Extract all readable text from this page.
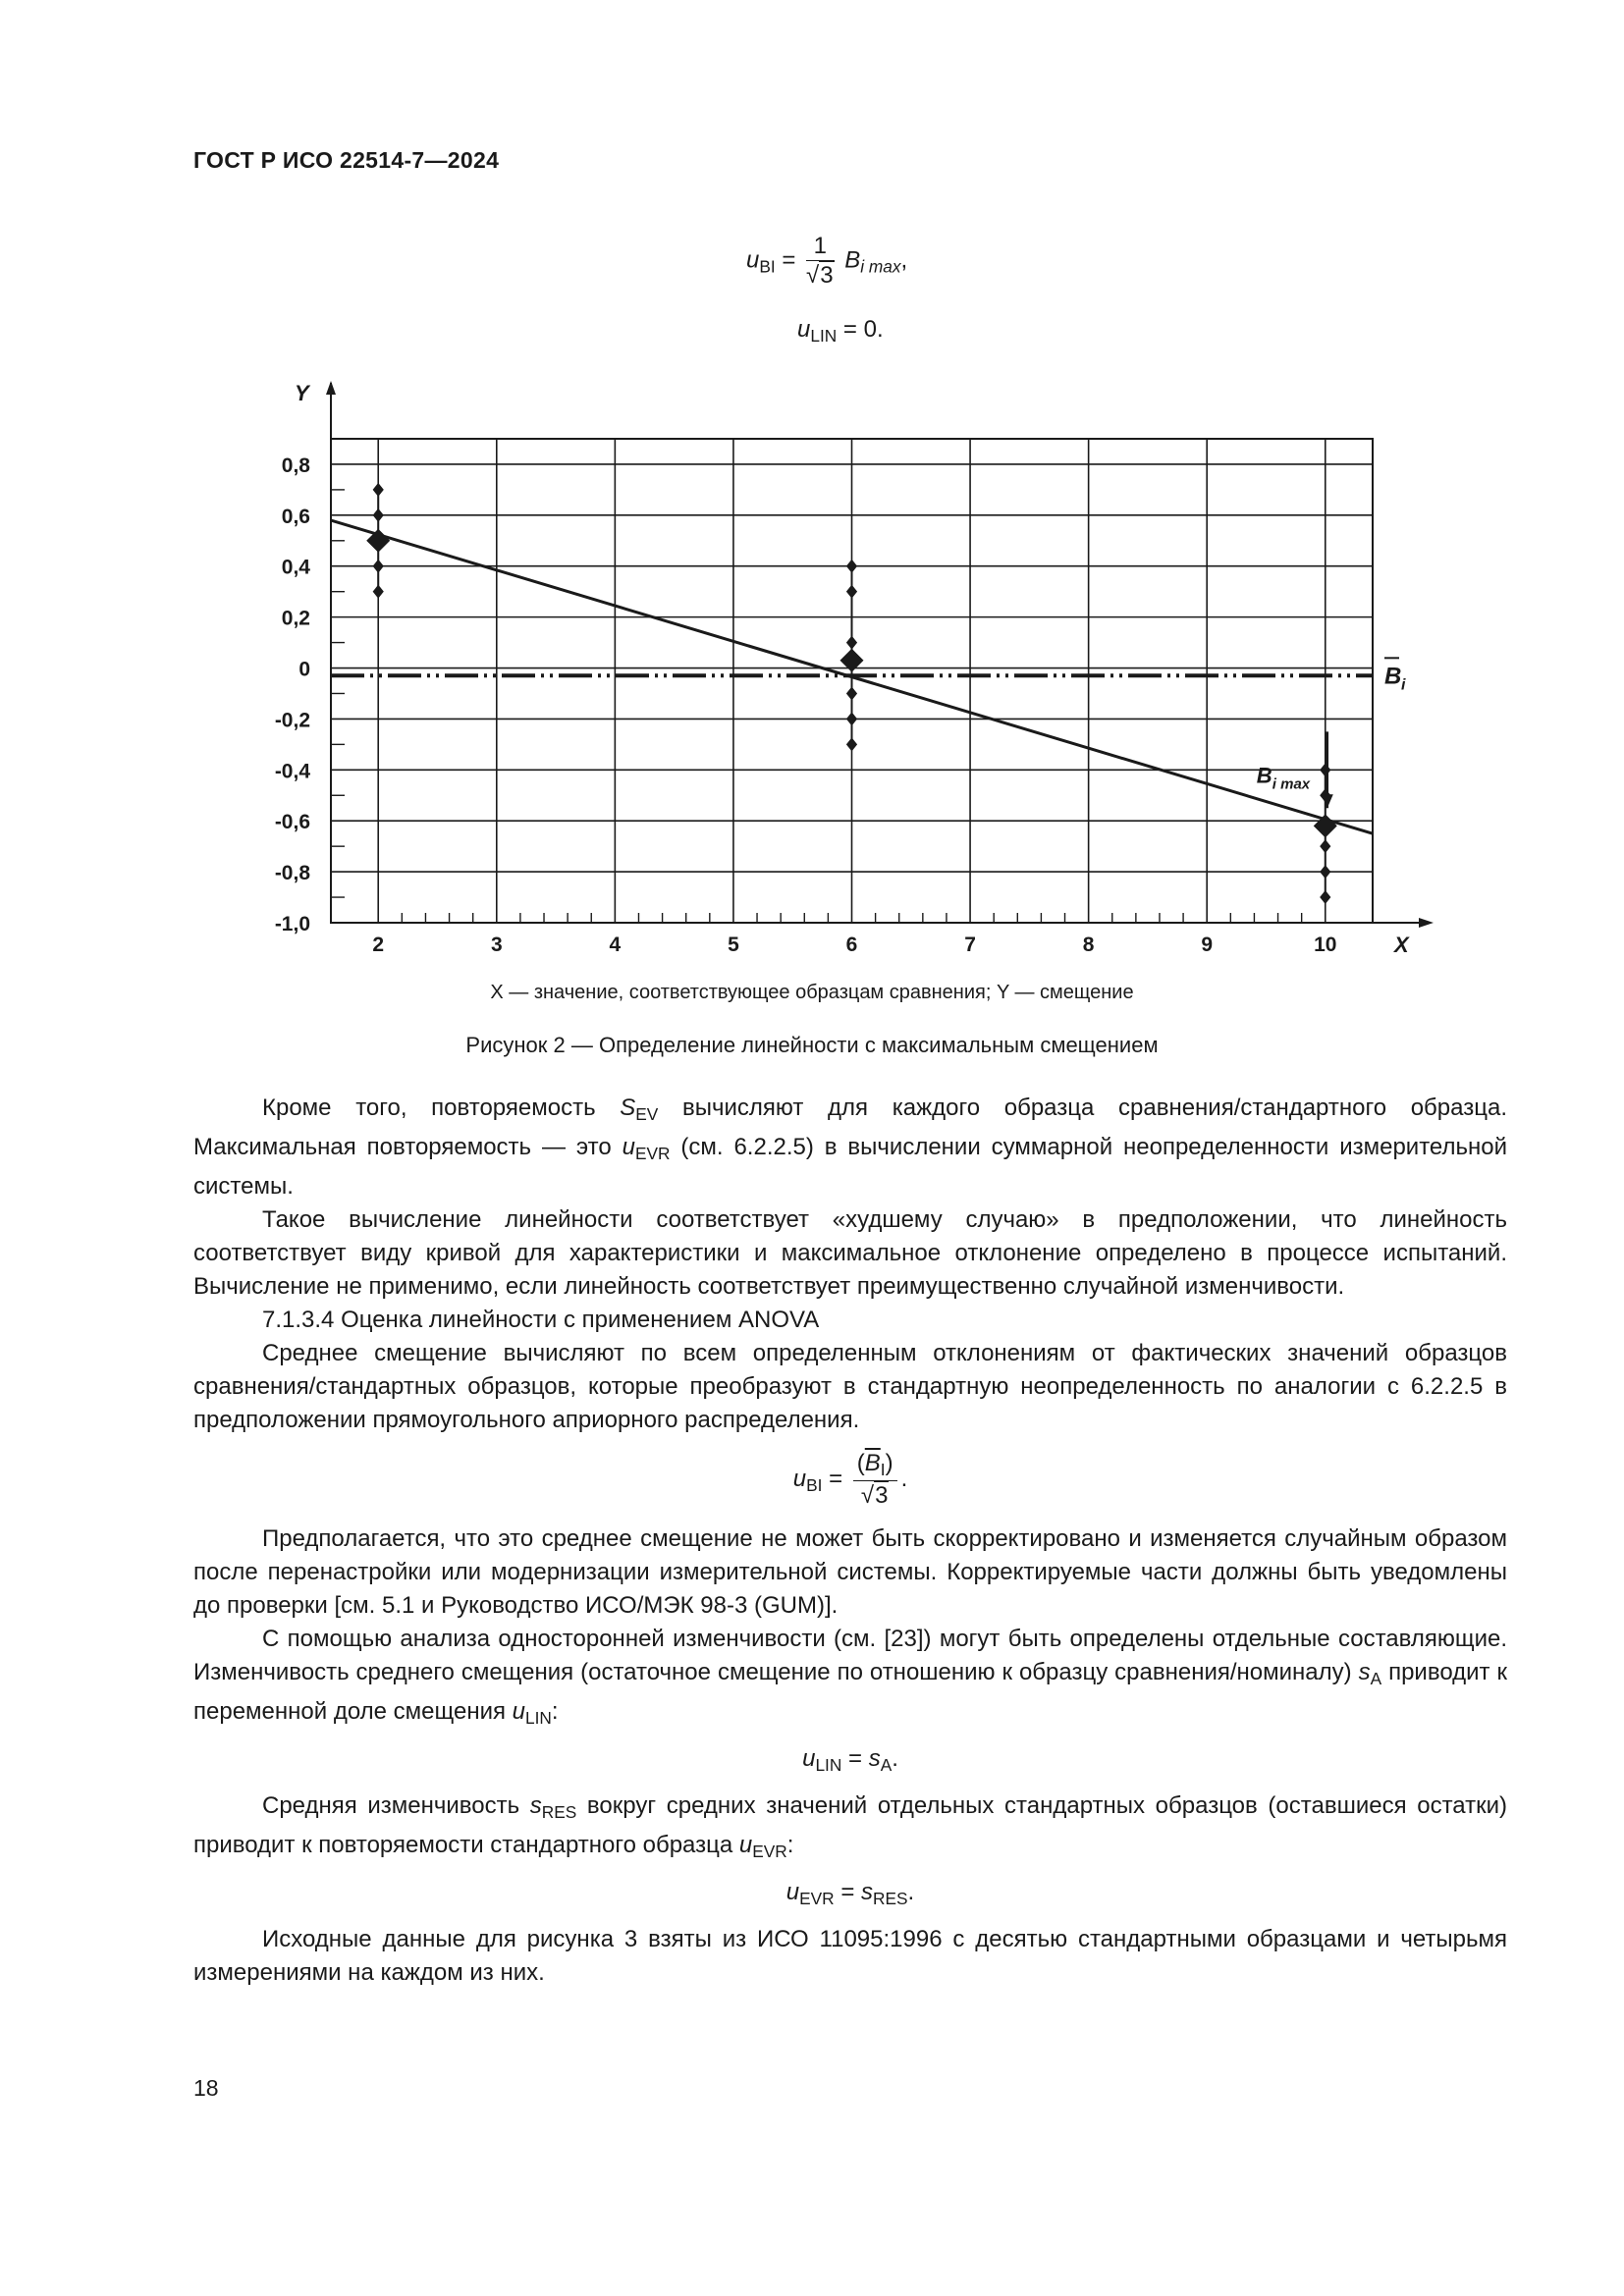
ГОСТ Р ИСО 22514-7—2024
$u_{BI} = \frac{1}{√3} B_{i max}$,
$u_{LIN} = 0$.
Y
X
0,8
0,6
0,4
0,2
0
-0,2
-0,4
-0,6
-0,8
-1,0
2	3	4	5	6	7	8	9	10
B i
B i max
X — значение, соответствующее образцам сравнения; Y — смещение
Рисунок 2 — Определение линейности с максимальным смещением

Кроме того, повторяемость $S_{EV}$ вычисляют для каждого образца сравнения/стандартного образца. Максимальная повторяемость — это $u_{EVR}$ (см. 6.2.2.5) в вычислении суммарной неопределенности измерительной системы.

Такое вычисление линейности соответствует «худшему случаю» в предположении, что линейность соответствует виду кривой для характеристики и максимальное отклонение определено в процессе испытаний. Вычисление не применимо, если линейность соответствует преимущественно случайной изменчивости.

7.1.3.4 Оценка линейности с применением ANOVA

Среднее смещение вычисляют по всем определенным отклонениям от фактических значений образцов сравнения/стандартных образцов, которые преобразуют в стандартную неопределенность по аналогии с 6.2.2.5 в предположении прямоугольного априорного распределения.

$u_{BI} = \frac{(\overline{B}_I)}{√3}$ .

Предполагается, что это среднее смещение не может быть скорректировано и изменяется случайным образом после перенастройки или модернизации измерительной системы. Корректируемые части должны быть уведомлены до проверки [см. 5.1 и Руководство ИСО/МЭК 98-3 (GUM)].

С помощью анализа односторонней изменчивости (см. [23]) могут быть определены отдельные составляющие. Изменчивость среднего смещения (остаточное смещение по отношению к образцу сравнения/номиналу) $s_A$ приводит к переменной доле смещения $u_{LIN}$:

$u_{LIN} = s_A$.

Средняя изменчивость $s_{RES}$ вокруг средних значений отдельных стандартных образцов (оставшиеся остатки) приводит к повторяемости стандартного образца $u_{EVR}$:

$u_{EVR} = s_{RES}$.

Исходные данные для рисунка 3 взяты из ИСО 11095:1996 с десятью стандартными образцами и четырьмя измерениями на каждом из них.

18
